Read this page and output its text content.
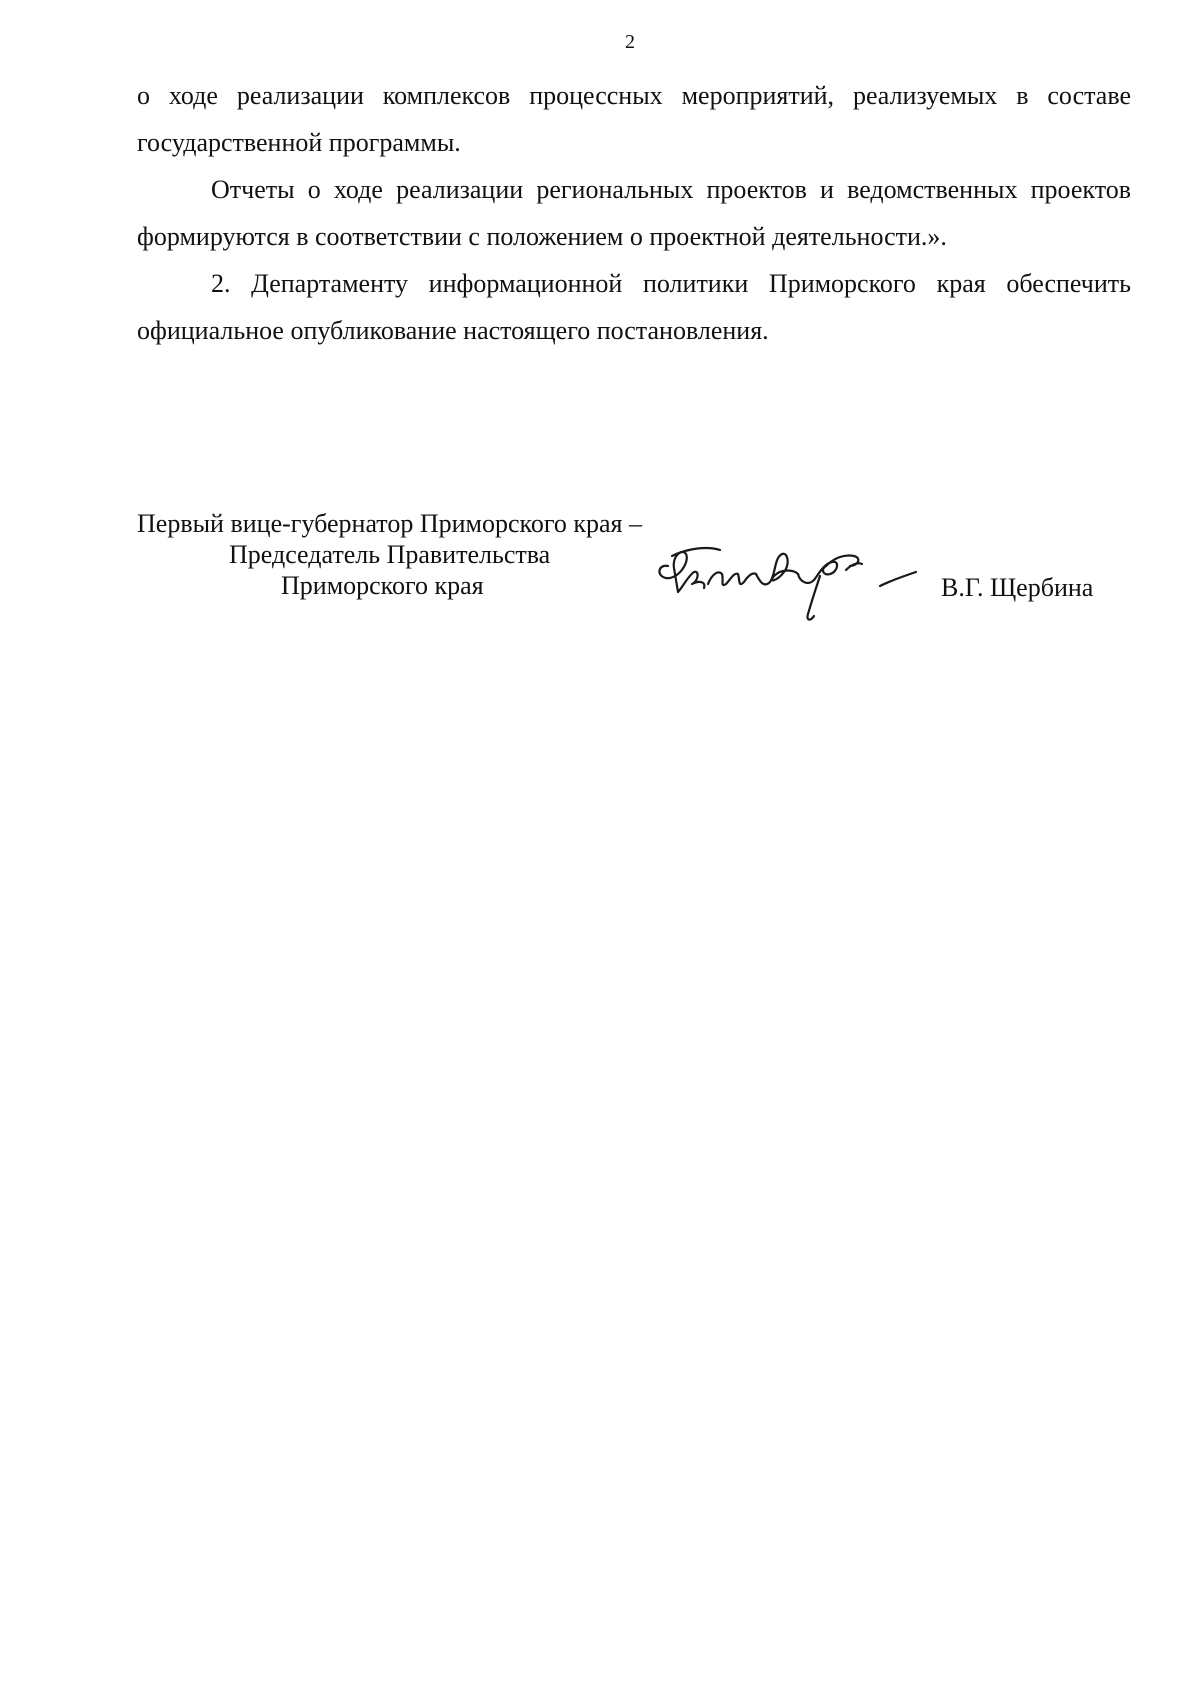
2

о ходе реализации комплексов процессных мероприятий, реализуемых в составе государственной программы.

Отчеты о ходе реализации региональных проектов и ведомственных проектов формируются в соответствии с положением о проектной деятельности.».

2. Департаменту информационной политики Приморского края обеспечить официальное опубликование настоящего постановления.

Первый вице-губернатор Приморского края –
Председатель Правительства
Приморского края	В.Г. Щербина
